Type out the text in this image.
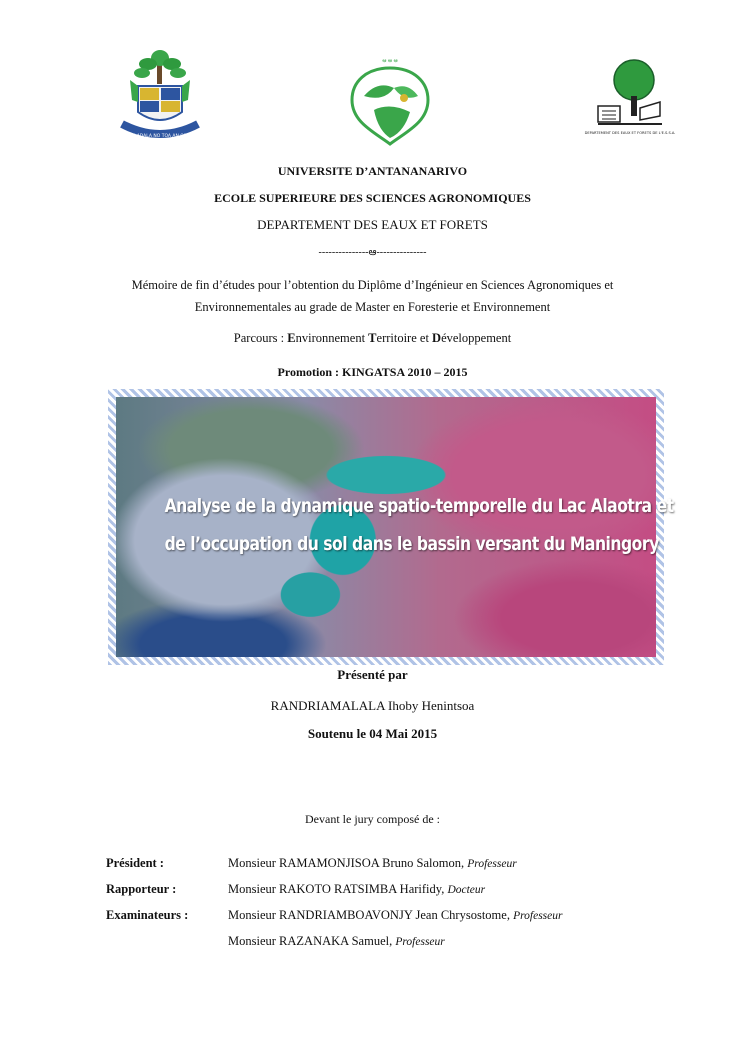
TANY ADALA NO TOA AN ORANA
ఆ ఆ ఆ
DEPARTEMENT DES EAUX ET FORETS DE L'E.S.S.A.
UNIVERSITE D’ANTANANARIVO
ECOLE SUPERIEURE DES SCIENCES AGRONOMIQUES
DEPARTEMENT DES EAUX ET FORETS
---------------ఆ---------------
Mémoire de fin d’études pour l’obtention du Diplôme d’Ingénieur en Sciences Agronomiques et
Environnementales au grade de Master en Foresterie et Environnement
Parcours : Environnement Territoire et Développement
Promotion : KINGATSA 2010 – 2015
Analyse de la dynamique spatio-temporelle du Lac Alaotra et
de l’occupation du sol dans le bassin versant du Maningory
Présenté par
RANDRIAMALALA Ihoby Henintsoa
Soutenu le 04 Mai 2015
Devant le jury composé de :
Président :	Monsieur RAMAMONJISOA Bruno Salomon, Professeur
Rapporteur :	Monsieur RAKOTO RATSIMBA Harifidy, Docteur
Examinateurs :	Monsieur RANDRIAMBOAVONJY Jean Chrysostome, Professeur
Monsieur RAZANAKA Samuel, Professeur
